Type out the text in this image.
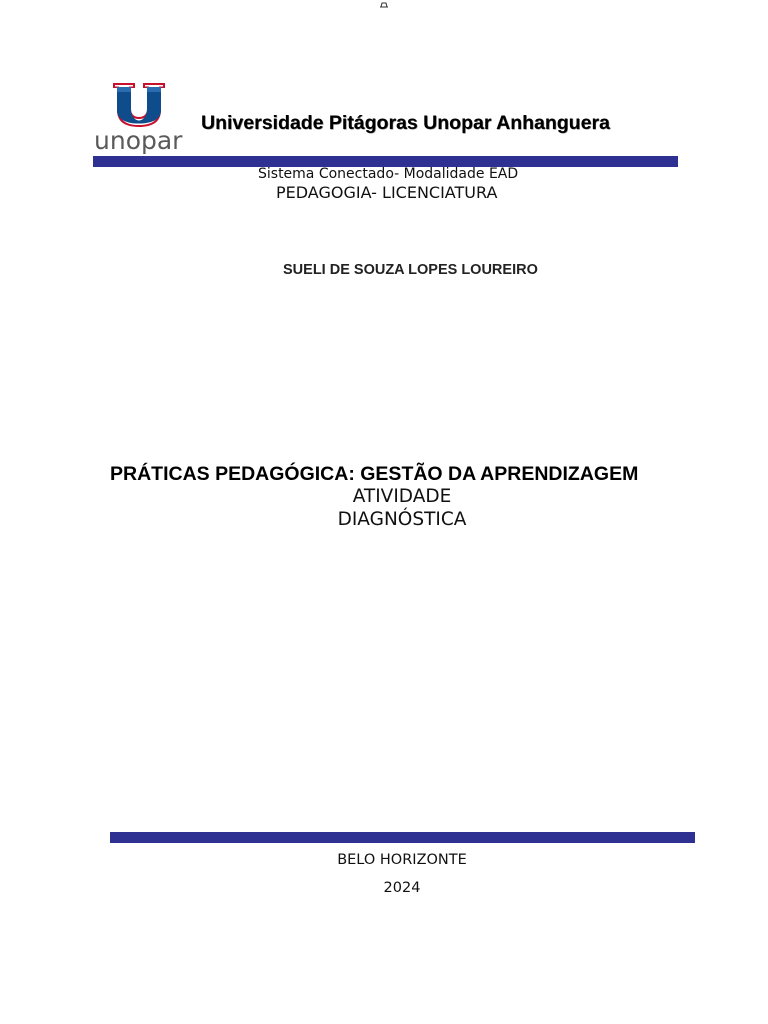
unopar
Universidade Pitágoras Unopar Anhanguera
Sistema Conectado- Modalidade EAD
PEDAGOGIA- LICENCIATURA
SUELI DE SOUZA LOPES LOUREIRO
PRÁTICAS PEDAGÓGICA: GESTÃO DA APRENDIZAGEM
ATIVIDADE
DIAGNÓSTICA
BELO HORIZONTE
2024
